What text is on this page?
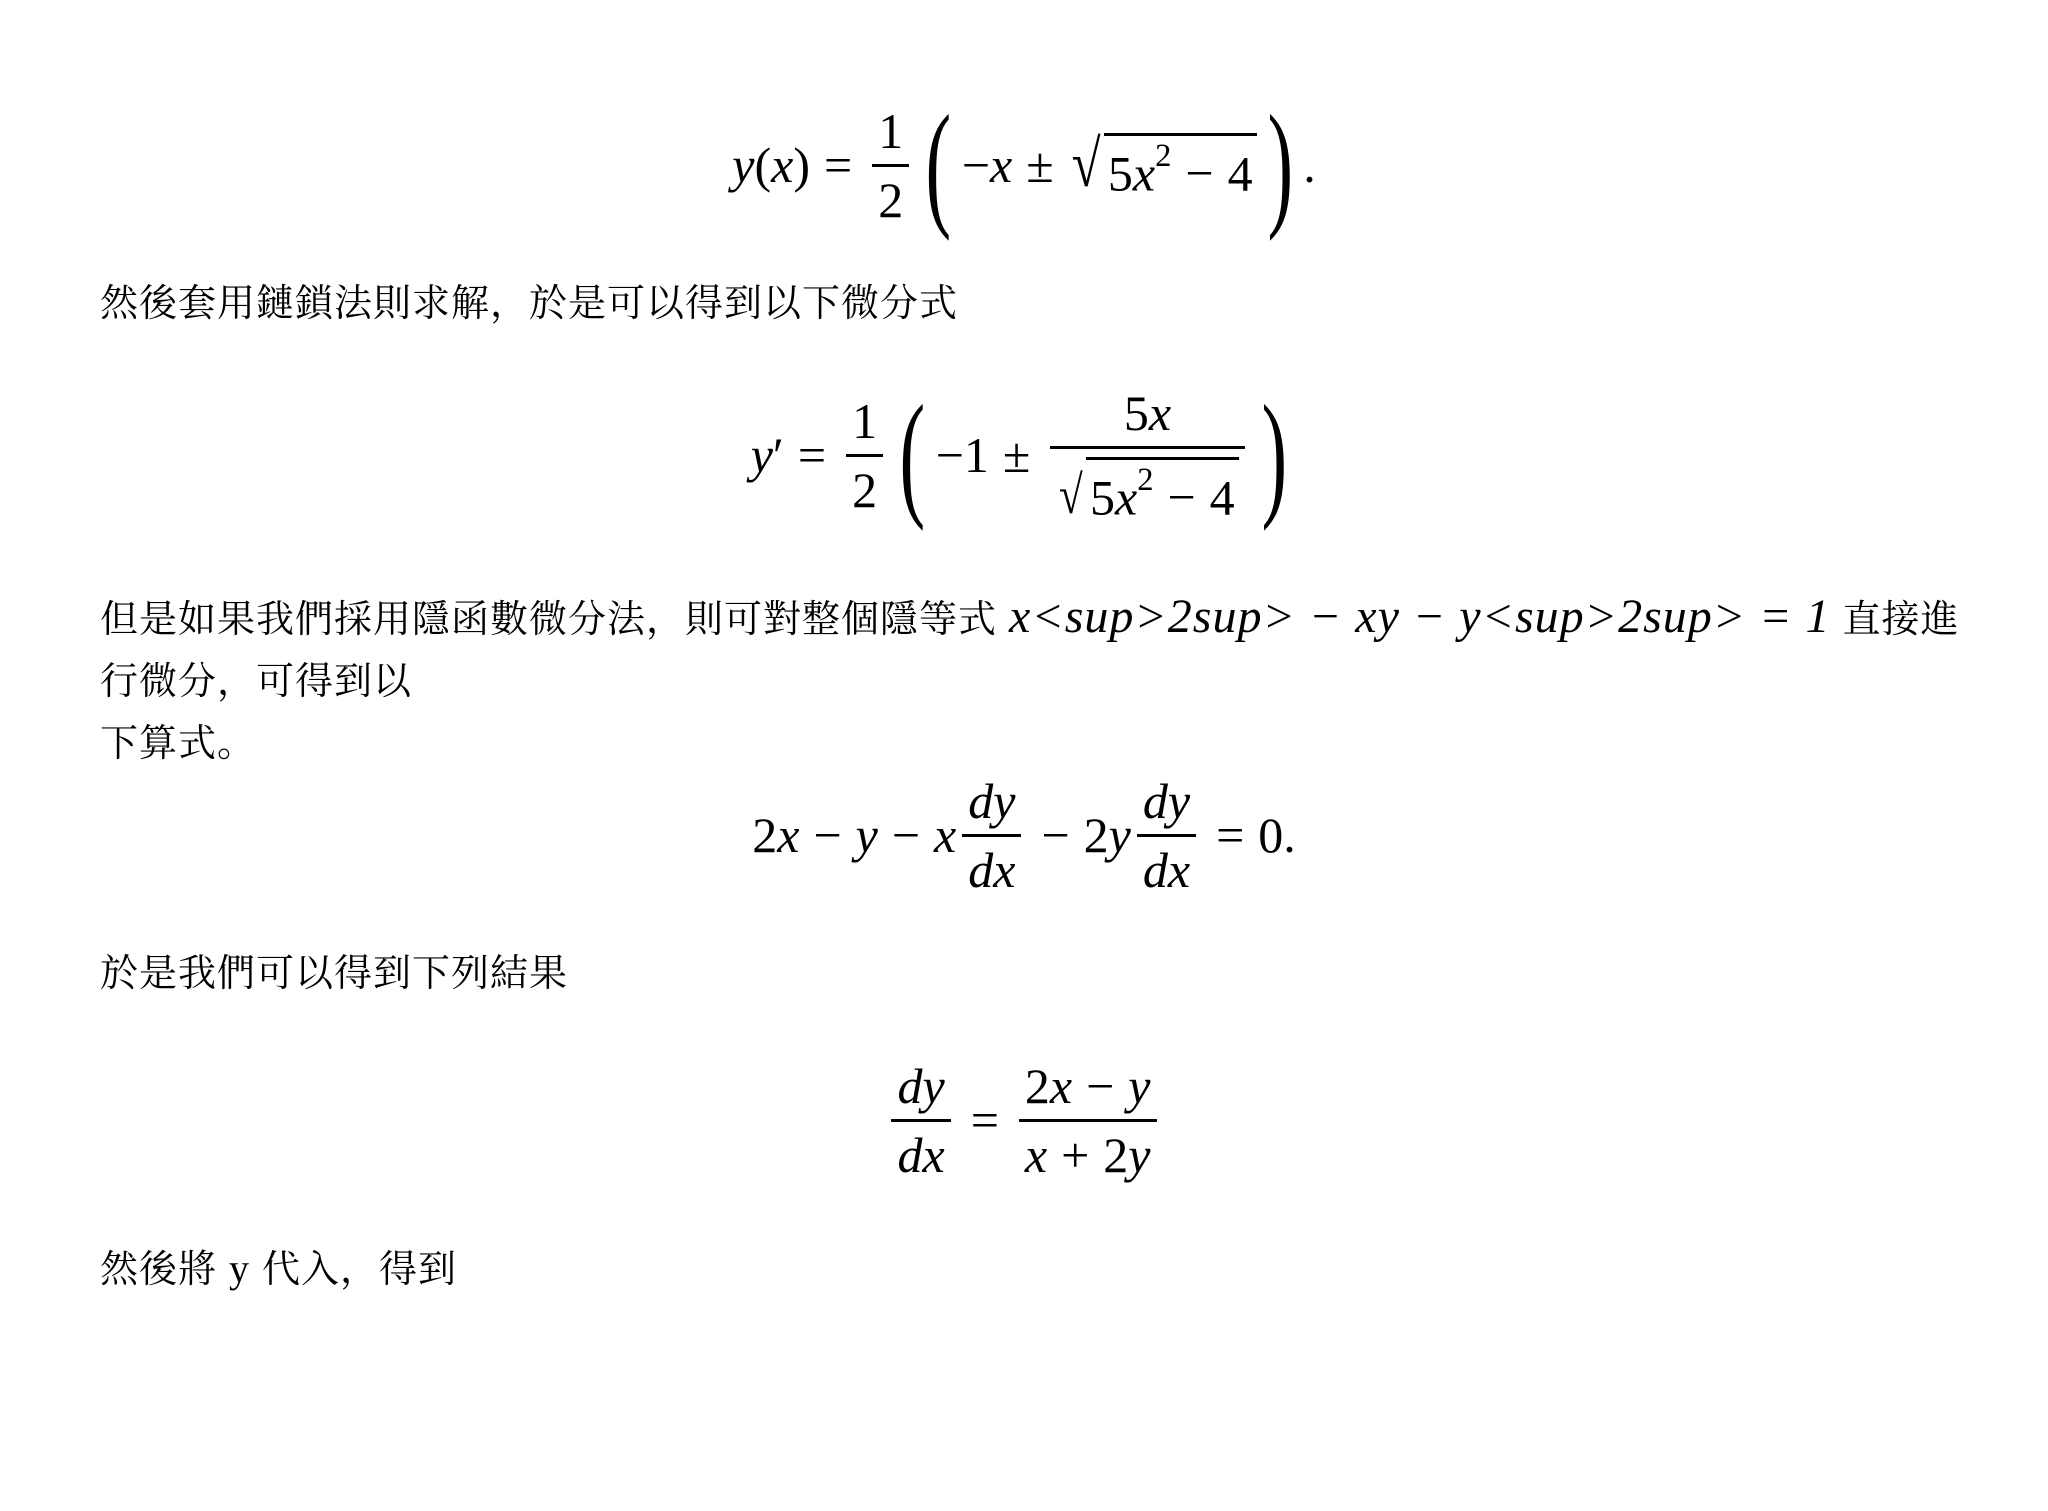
y ( x ) = $\frac{1}{2}$ ( − x ± √ $5x^2 - 4$ ) .
然後套用鏈鎖法則求解，於是可以得到以下微分式
y ′ = $\frac{1}{2}$ ( $-1 \pm \frac{5x}{√ 5x^2 - 4}$ )
但是如果我們採用隱函數微分法，則可對整個隱等式 x<sup>2sup> − xy − y<sup>2sup> = 1 直接進行微分，可得到以
下算式。
2 x − y − x $\frac{dy}{dx} - 2$ y $\frac{dy}{dx} = 0$.
於是我們可以得到下列結果
$\frac{dy}{dx} = \frac{2x - y}{x + 2y}$
然後將 y 代入，得到
